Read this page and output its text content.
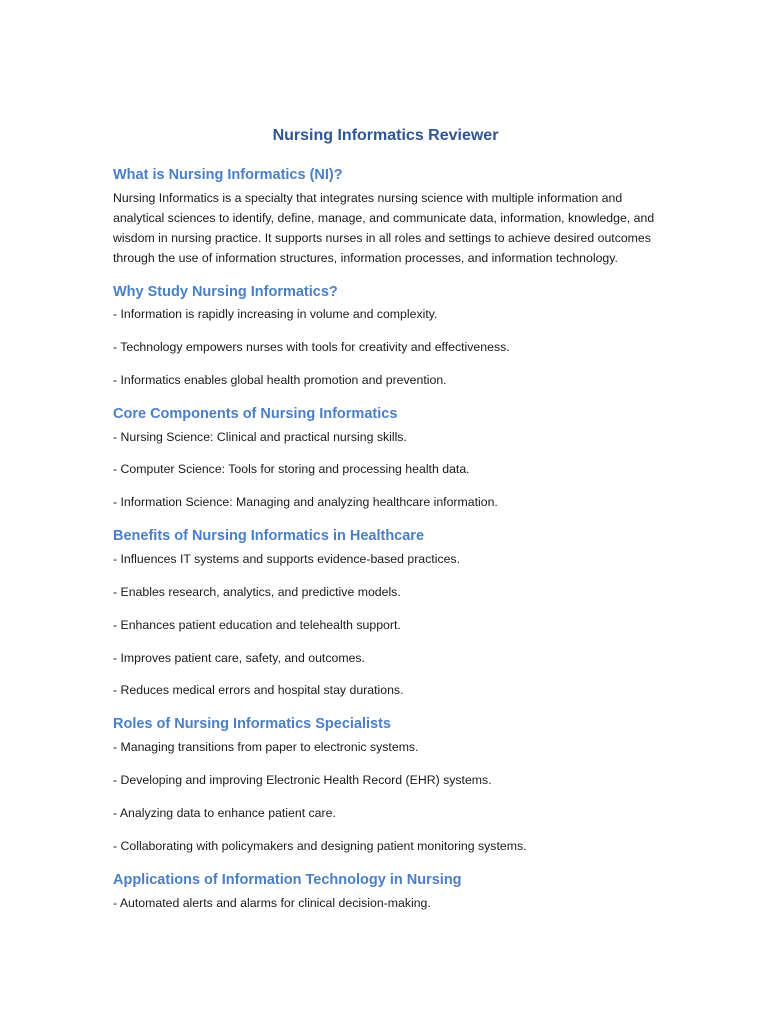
Nursing Informatics Reviewer
What is Nursing Informatics (NI)?

Nursing Informatics is a specialty that integrates nursing science with multiple information and analytical sciences to identify, define, manage, and communicate data, information, knowledge, and wisdom in nursing practice. It supports nurses in all roles and settings to achieve desired outcomes through the use of information structures, information processes, and information technology.

Why Study Nursing Informatics?

- Information is rapidly increasing in volume and complexity.

- Technology empowers nurses with tools for creativity and effectiveness.

- Informatics enables global health promotion and prevention.

Core Components of Nursing Informatics

- Nursing Science: Clinical and practical nursing skills.

- Computer Science: Tools for storing and processing health data.

- Information Science: Managing and analyzing healthcare information.

Benefits of Nursing Informatics in Healthcare

- Influences IT systems and supports evidence-based practices.

- Enables research, analytics, and predictive models.

- Enhances patient education and telehealth support.

- Improves patient care, safety, and outcomes.

- Reduces medical errors and hospital stay durations.

Roles of Nursing Informatics Specialists

- Managing transitions from paper to electronic systems.

- Developing and improving Electronic Health Record (EHR) systems.

- Analyzing data to enhance patient care.

- Collaborating with policymakers and designing patient monitoring systems.

Applications of Information Technology in Nursing

- Automated alerts and alarms for clinical decision-making.
